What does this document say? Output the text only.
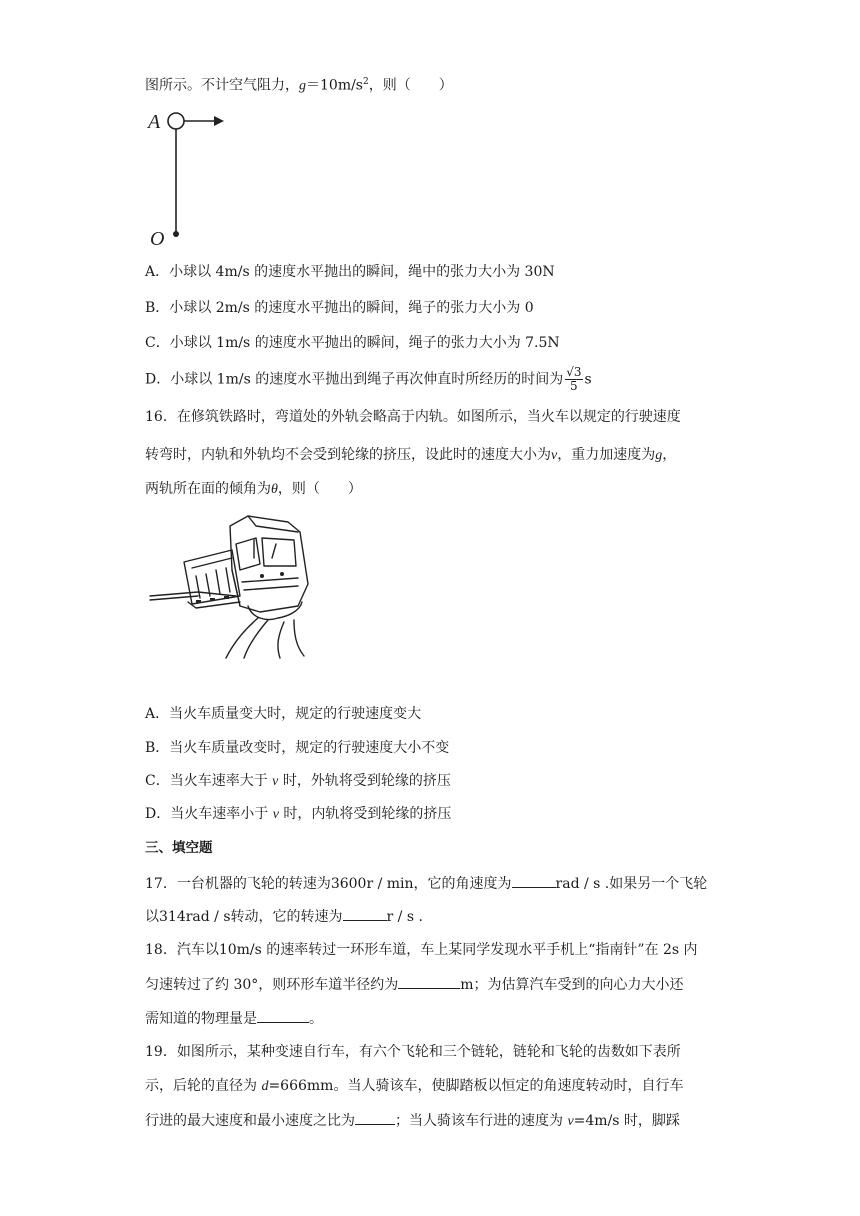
图所示。不计空气阻力，$g=10m/s^2$，则（　　）
A
O
A．小球以 4m/s 的速度水平抛出的瞬间，绳中的张力大小为 30N
B．小球以 2m/s 的速度水平抛出的瞬间，绳子的张力大小为 0
C．小球以 1m/s 的速度水平抛出的瞬间，绳子的张力大小为 7.5N
D．小球以 1m/s 的速度水平抛出到绳子再次伸直时所经历的时间为 $\frac{√3}{5}$ s
16．在修筑铁路时，弯道处的外轨会略高于内轨。如图所示，当火车以规定的行驶速度
转弯时，内轨和外轨均不会受到轮缘的挤压，设此时的速度大小为v，重力加速度为g，
两轨所在面的倾角为θ，则（　　）
A．当火车质量变大时，规定的行驶速度变大
B．当火车质量改变时，规定的行驶速度大小不变
C．当火车速率大于 v 时，外轨将受到轮缘的挤压
D．当火车速率小于 v 时，内轨将受到轮缘的挤压
三、填空题
17．一台机器的飞轮的转速为3600r / min，它的角速度为	rad / s .如果另一个飞轮
以314rad / s转动，它的转速为	r / s .
18．汽车以10m/s 的速率转过一环形车道，车上某同学发现水平手机上“指南针”在 2s 内
匀速转过了约 30°，则环形车道半径约为	m；为估算汽车受到的向心力大小还
需知道的物理量是	。
19．如图所示，某种变速自行车，有六个飞轮和三个链轮，链轮和飞轮的齿数如下表所
示，后轮的直径为 d=666mm。当人骑该车，使脚踏板以恒定的角速度转动时，自行车
行进的最大速度和最小速度之比为	；当人骑该车行进的速度为 v=4m/s 时，脚踩
